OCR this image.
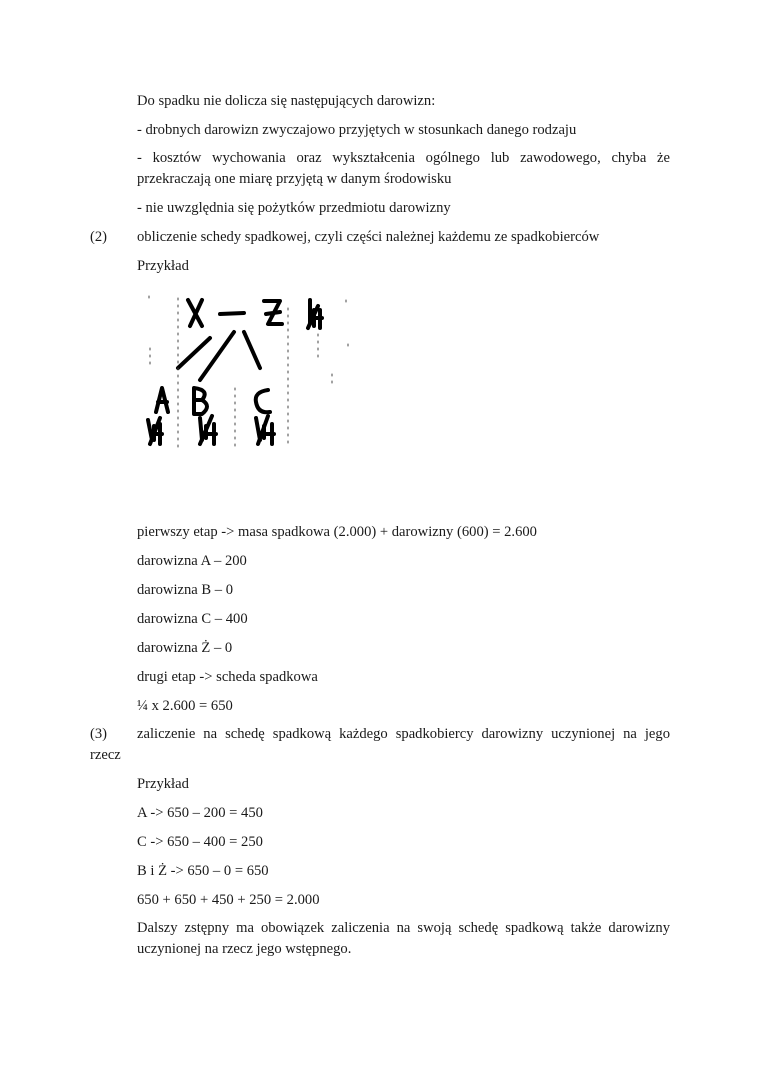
Do spadku nie dolicza się następujących darowizn:
- drobnych darowizn zwyczajowo przyjętych w stosunkach danego rodzaju
- kosztów wychowania oraz wykształcenia ogólnego lub zawodowego, chyba że przekraczają one miarę przyjętą w danym środowisku
- nie uwzględnia się pożytków przedmiotu darowizny
(2) obliczenie schedy spadkowej, czyli części należnej każdemu ze spadkobierców
Przykład
pierwszy etap -> masa spadkowa (2.000) + darowizny (600) = 2.600
darowizna A – 200
darowizna B – 0
darowizna C – 400
darowizna Ż – 0
drugi etap -> scheda spadkowa
¼ x 2.600 = 650
(3) zaliczenie na schedę spadkową każdego spadkobiercy darowizny uczynionej na jego
rzecz
Przykład
A -> 650 – 200 = 450
C -> 650 – 400 = 250
B i Ż -> 650 – 0 = 650
650 + 650 + 450 + 250 = 2.000
Dalszy zstępny ma obowiązek zaliczenia na swoją schedę spadkową także darowizny uczynionej na rzecz jego wstępnego.
